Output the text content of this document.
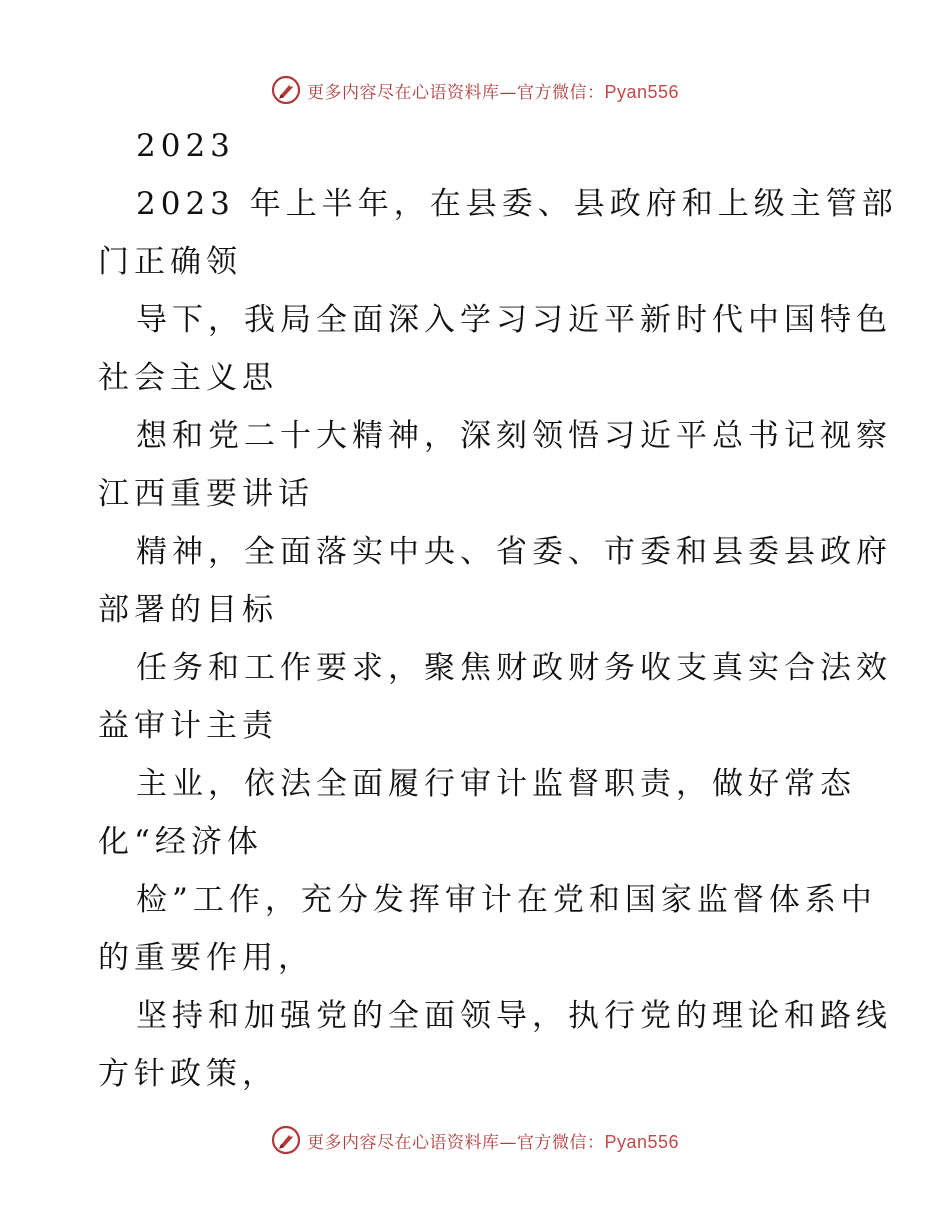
更多内容尽在心语资料库—官方微信：Pyan556
2023
2023 年上半年，在县委、县政府和上级主管部
门正确领
导下，我局全面深入学习习近平新时代中国特色
社会主义思
想和党二十大精神，深刻领悟习近平总书记视察
江西重要讲话
精神，全面落实中央、省委、市委和县委县政府
部署的目标
任务和工作要求，聚焦财政财务收支真实合法效
益审计主责
主业，依法全面履行审计监督职责，做好常态
化“经济体
检”工作，充分发挥审计在党和国家监督体系中
的重要作用，
坚持和加强党的全面领导，执行党的理论和路线
方针政策，
更多内容尽在心语资料库—官方微信：Pyan556
